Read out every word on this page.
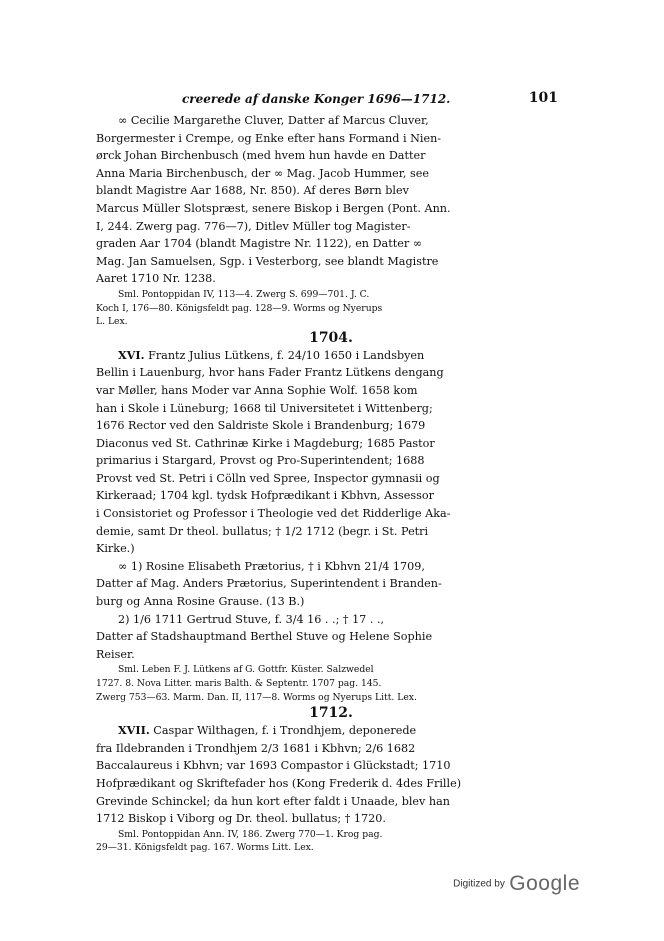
creerede af danske Konger 1696—1712.	101

∞ Cecilie Margarethe Cluver, Datter af Marcus Cluver,

Borgermester i Crempe, og Enke efter hans Formand i Nien-

ørck Johan Birchenbusch (med hvem hun havde en Datter

Anna Maria Birchenbusch, der ∞ Mag. Jacob Hummer, see

blandt Magistre Aar 1688, Nr. 850). Af deres Børn blev

Marcus Müller Slotspræst, senere Biskop i Bergen (Pont. Ann.

I, 244. Zwerg pag. 776—7), Ditlev Müller tog Magister-

graden Aar 1704 (blandt Magistre Nr. 1122), en Datter ∞

Mag. Jan Samuelsen, Sgp. i Vesterborg, see blandt Magistre

Aaret 1710 Nr. 1238.

Sml. Pontoppidan IV, 113—4. Zwerg S. 699—701. J. C.

Koch I, 176—80. Königsfeldt pag. 128—9. Worms og Nyerups

L. Lex.

1704.

XVI. Frantz Julius Lütkens, f. 24/10 1650 i Landsbyen

Bellin i Lauenburg, hvor hans Fader Frantz Lütkens dengang

var Møller, hans Moder var Anna Sophie Wolf. 1658 kom

han i Skole i Lüneburg; 1668 til Universitetet i Wittenberg;

1676 Rector ved den Saldriste Skole i Brandenburg; 1679

Diaconus ved St. Cathrinæ Kirke i Magdeburg; 1685 Pastor

primarius i Stargard, Provst og Pro-Superintendent; 1688

Provst ved St. Petri i Cölln ved Spree, Inspector gymnasii og

Kirkeraad; 1704 kgl. tydsk Hofprædikant i Kbhvn, Assessor

i Consistoriet og Professor i Theologie ved det Ridderlige Aka-

demie, samt Dr theol. bullatus; † 1/2 1712 (begr. i St. Petri

Kirke.)

∞ 1) Rosine Elisabeth Prætorius, † i Kbhvn 21/4 1709,

Datter af Mag. Anders Prætorius, Superintendent i Branden-

burg og Anna Rosine Grause. (13 B.)

2) 1/6 1711 Gertrud Stuve, f. 3/4 16 . .; † 17 . .,

Datter af Stadshauptmand Berthel Stuve og Helene Sophie

Reiser.

Sml. Leben F. J. Lütkens af G. Gottfr. Küster. Salzwedel

1727. 8. Nova Litter. maris Balth. & Septentr. 1707 pag. 145.

Zwerg 753—63. Marm. Dan. II, 117—8. Worms og Nyerups Litt. Lex.

1712.

XVII. Caspar Wilthagen, f. i Trondhjem, deponerede

fra Ildebranden i Trondhjem 2/3 1681 i Kbhvn; 2/6 1682

Baccalaureus i Kbhvn; var 1693 Compastor i Glückstadt; 1710

Hofprædikant og Skriftefader hos (Kong Frederik d. 4des Frille)

Grevinde Schinckel; da hun kort efter faldt i Unaade, blev han

1712 Biskop i Viborg og Dr. theol. bullatus; † 1720.

Sml. Pontoppidan Ann. IV, 186. Zwerg 770—1. Krog pag.

29—31. Königsfeldt pag. 167. Worms Litt. Lex.

Digitized by Google
